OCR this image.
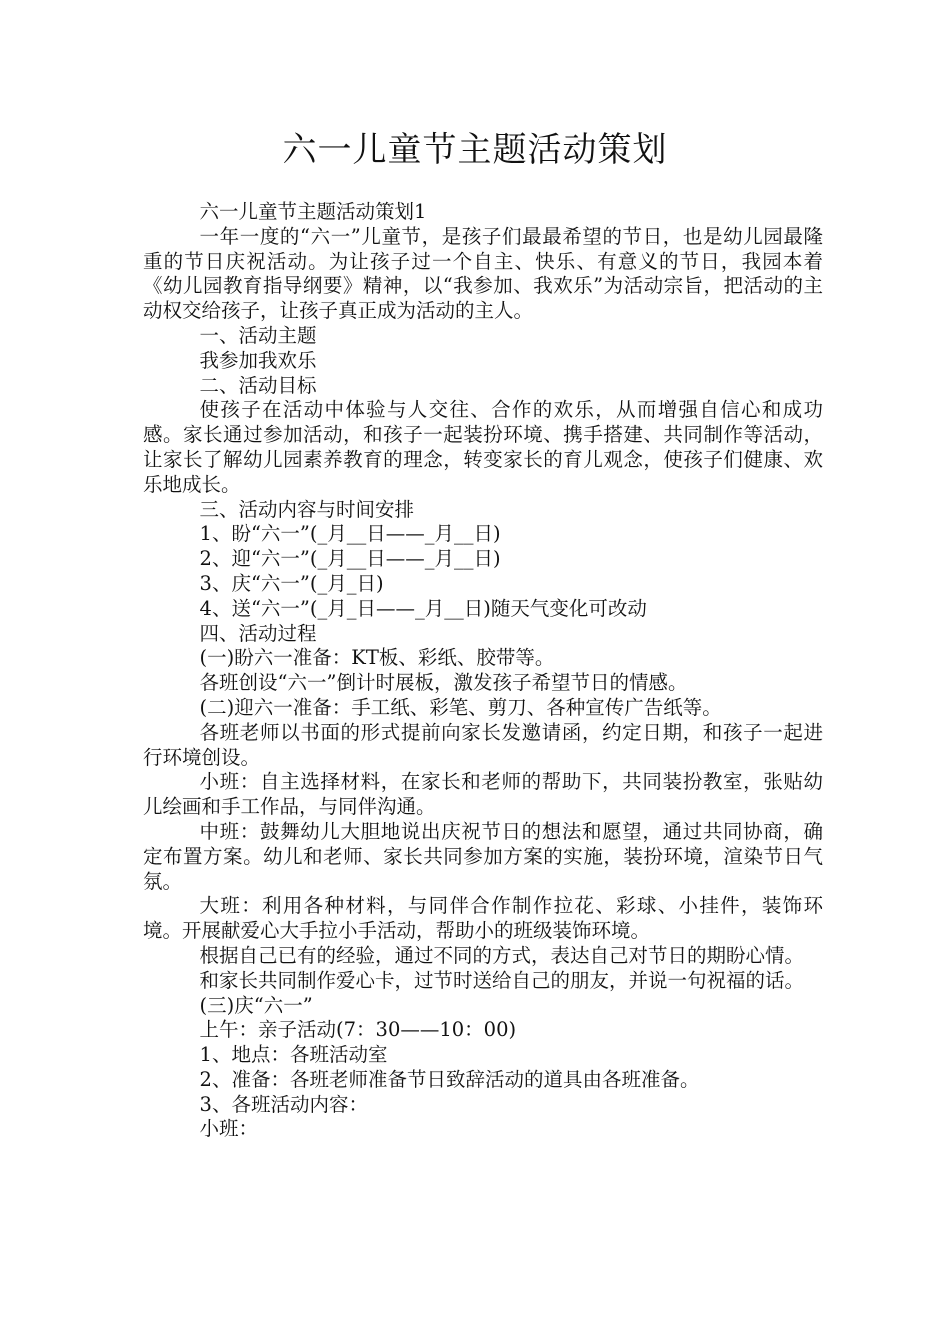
六一儿童节主题活动策划

六一儿童节主题活动策划1

一年一度的“六一”儿童节，是孩子们最最希望的节日，也是幼儿园最隆重的节日庆祝活动。为让孩子过一个自主、快乐、有意义的节日，我园本着《幼儿园教育指导纲要》精神，以“我参加、我欢乐”为活动宗旨，把活动的主动权交给孩子，让孩子真正成为活动的主人。

一、活动主题

我参加我欢乐

二、活动目标

使孩子在活动中体验与人交往、合作的欢乐，从而增强自信心和成功感。家长通过参加活动，和孩子一起装扮环境、携手搭建、共同制作等活动，让家长了解幼儿园素养教育的理念，转变家长的育儿观念，使孩子们健康、欢乐地成长。

三、活动内容与时间安排

1、盼“六一”(_月__日——_月__日)

2、迎“六一”(_月__日——_月__日)

3、庆“六一”(_月_日)

4、送“六一”(_月_日——_月__日)随天气变化可改动

四、活动过程

(一)盼六一准备：KT板、彩纸、胶带等。

各班创设“六一”倒计时展板，激发孩子希望节日的情感。

(二)迎六一准备：手工纸、彩笔、剪刀、各种宣传广告纸等。

各班老师以书面的形式提前向家长发邀请函，约定日期，和孩子一起进行环境创设。

小班：自主选择材料，在家长和老师的帮助下，共同装扮教室，张贴幼儿绘画和手工作品，与同伴沟通。

中班：鼓舞幼儿大胆地说出庆祝节日的想法和愿望，通过共同协商，确定布置方案。幼儿和老师、家长共同参加方案的实施，装扮环境，渲染节日气氛。

大班：利用各种材料，与同伴合作制作拉花、彩球、小挂件，装饰环境。开展献爱心大手拉小手活动，帮助小的班级装饰环境。

根据自己已有的经验，通过不同的方式，表达自己对节日的期盼心情。

和家长共同制作爱心卡，过节时送给自己的朋友，并说一句祝福的话。

(三)庆“六一”

上午：亲子活动(7：30——10：00)

1、地点：各班活动室

2、准备：各班老师准备节日致辞活动的道具由各班准备。

3、各班活动内容：

小班：
